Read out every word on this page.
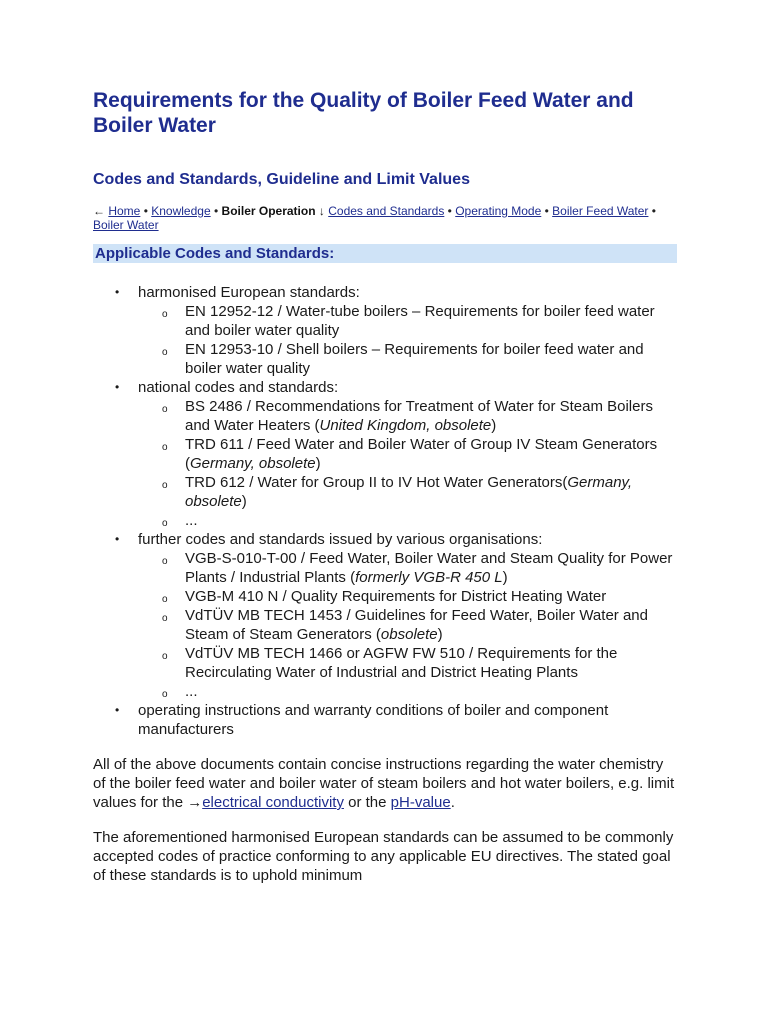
Requirements for the Quality of Boiler Feed Water and Boiler Water
Codes and Standards, Guideline and Limit Values
← Home • Knowledge • Boiler Operation ↓ Codes and Standards • Operating Mode • Boiler Feed Water • Boiler Water
Applicable Codes and Standards:
• harmonised European standards:
o EN 12952-12 / Water-tube boilers – Requirements for boiler feed water and boiler water quality
o EN 12953-10 / Shell boilers – Requirements for boiler feed water and boiler water quality
• national codes and standards:
o BS 2486 / Recommendations for Treatment of Water for Steam Boilers and Water Heaters (United Kingdom, obsolete)
o TRD 611 / Feed Water and Boiler Water of Group IV Steam Generators (Germany, obsolete)
o TRD 612 / Water for Group II to IV Hot Water Generators(Germany, obsolete)
o ...
• further codes and standards issued by various organisations:
o VGB-S-010-T-00 / Feed Water, Boiler Water and Steam Quality for Power Plants / Industrial Plants (formerly VGB-R 450 L)
o VGB-M 410 N / Quality Requirements for District Heating Water
o VdTÜV MB TECH 1453 / Guidelines for Feed Water, Boiler Water and Steam of Steam Generators (obsolete)
o VdTÜV MB TECH 1466 or AGFW FW 510 / Requirements for the Recirculating Water of Industrial and District Heating Plants
o ...
• operating instructions and warranty conditions of boiler and component manufacturers

All of the above documents contain concise instructions regarding the water chemistry of the boiler feed water and boiler water of steam boilers and hot water boilers, e.g. limit values for the →electrical conductivity or the pH-value.

The aforementioned harmonised European standards can be assumed to be commonly accepted codes of practice conforming to any applicable EU directives. The stated goal of these standards is to uphold minimum
